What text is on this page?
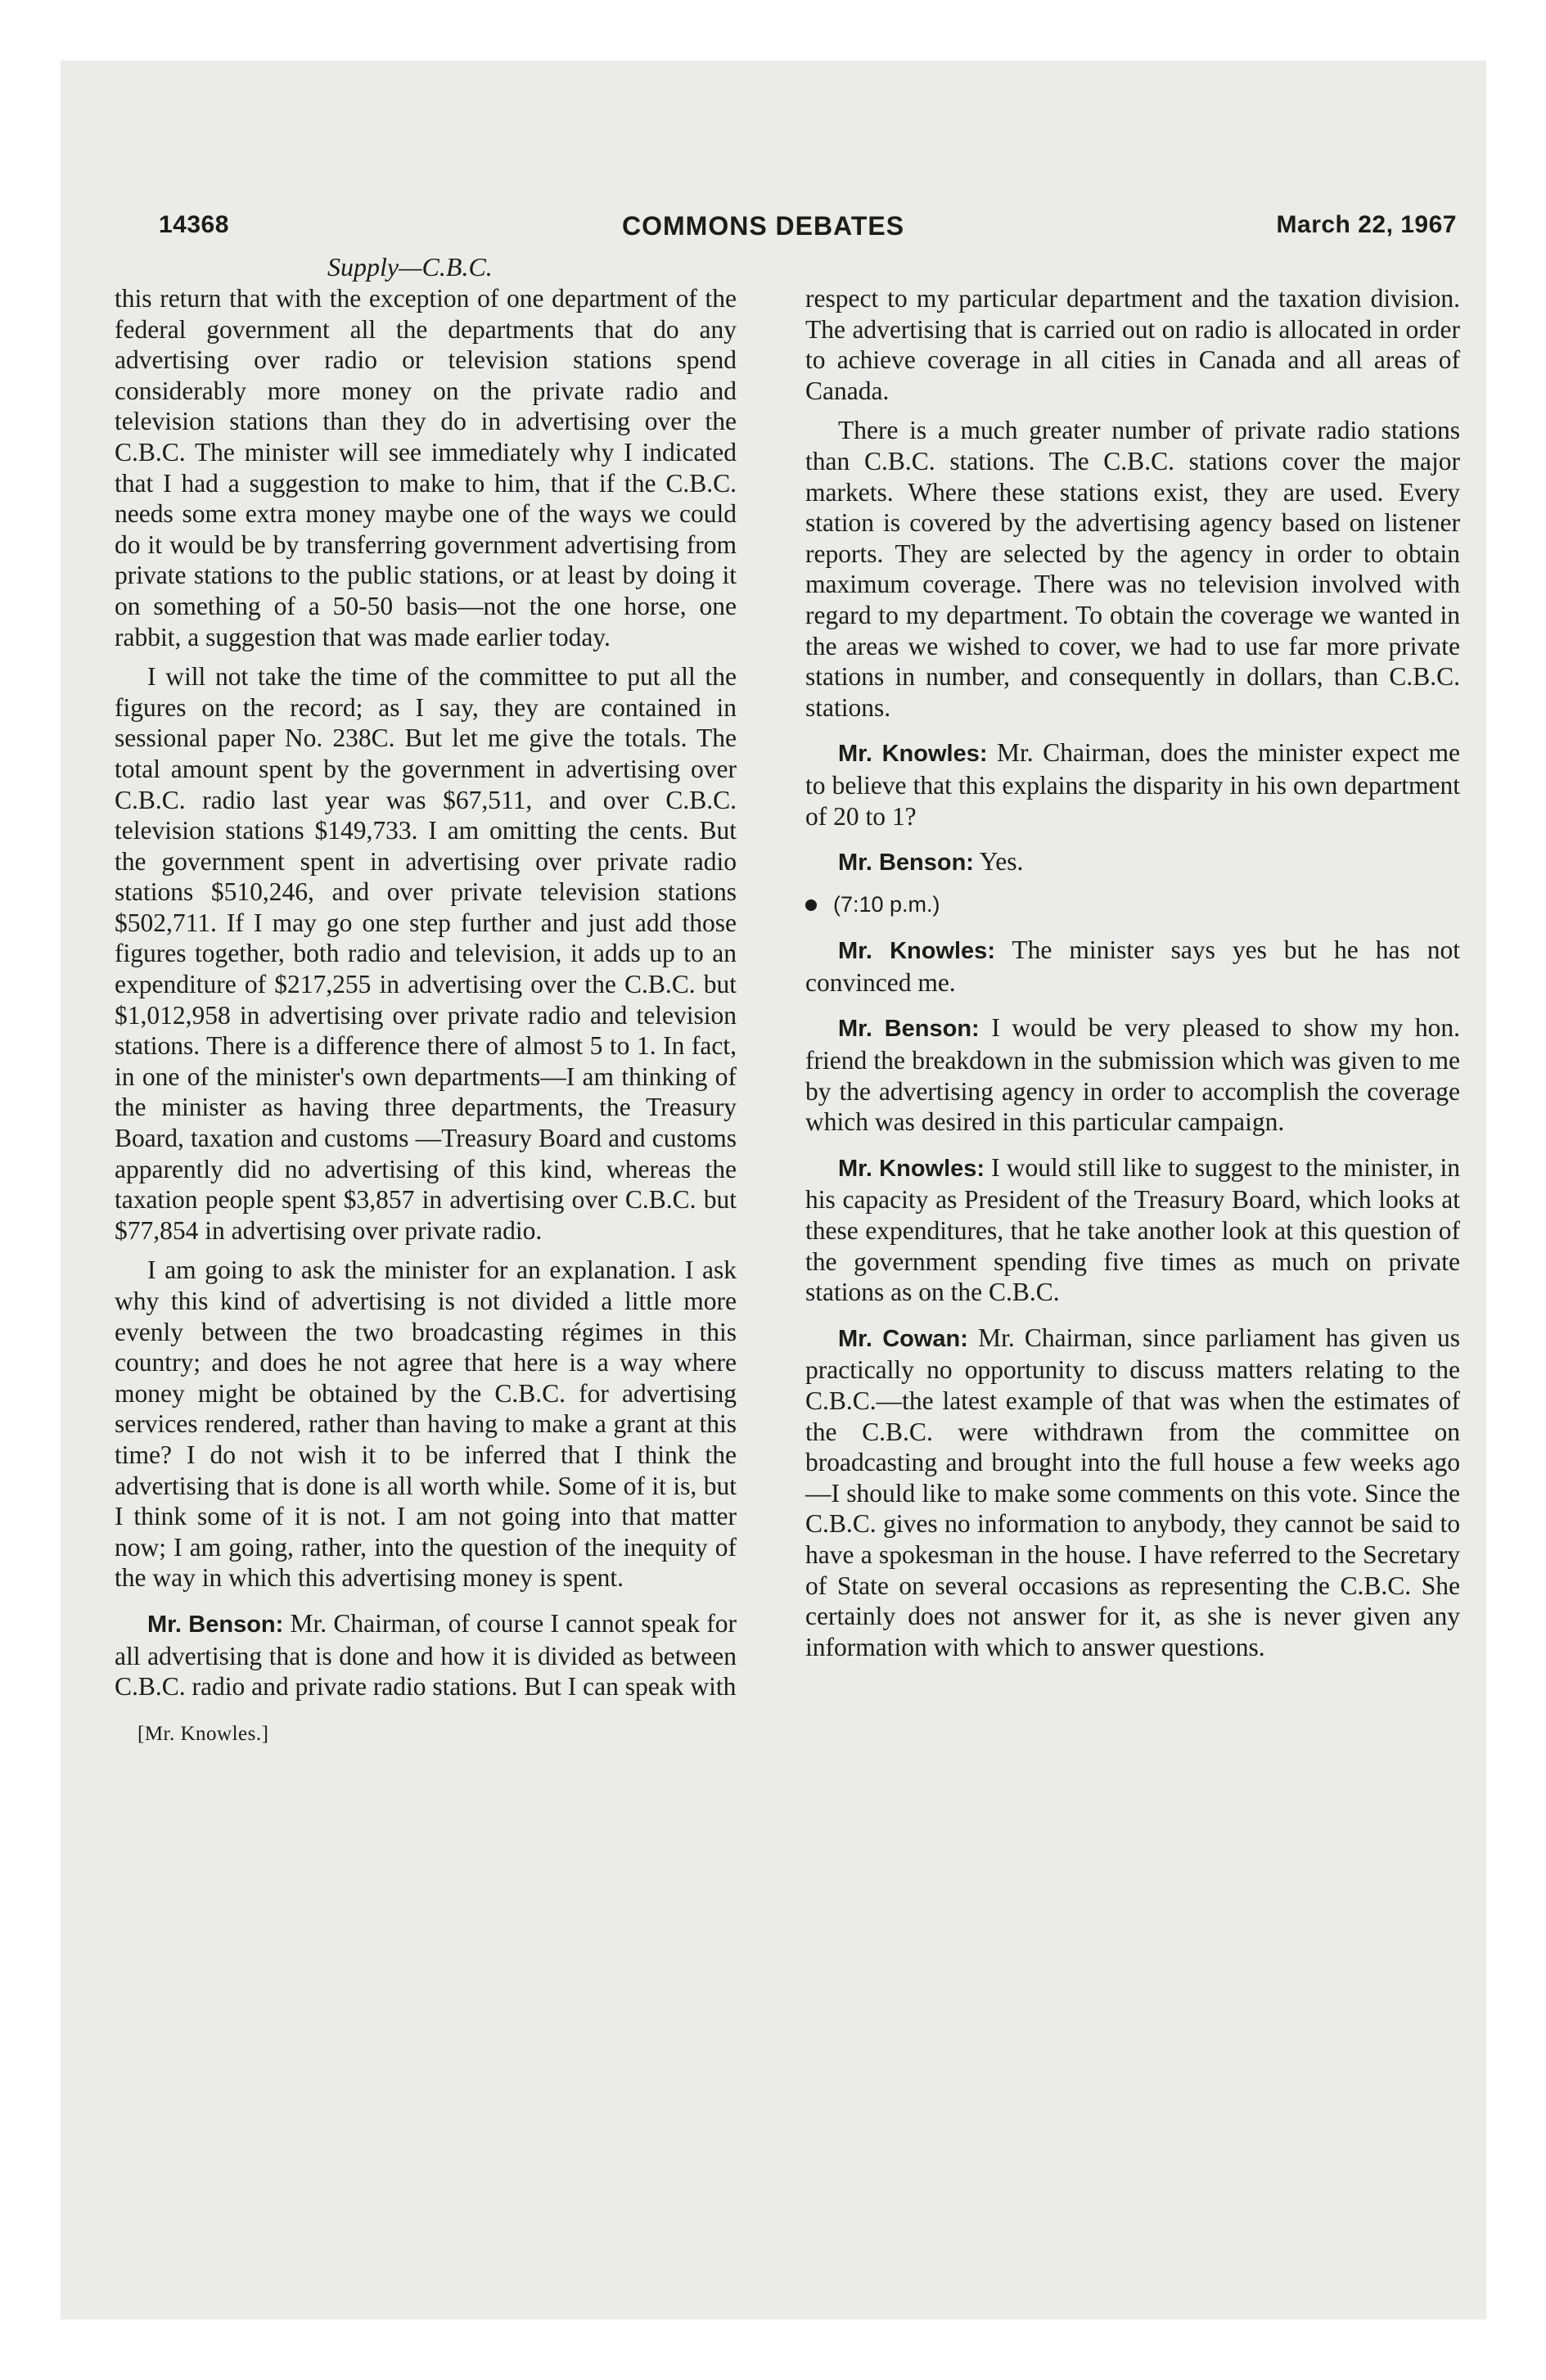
14368	COMMONS DEBATES	March 22, 1967
Supply—C.B.C.

this return that with the exception of one department of the federal government all the departments that do any advertising over radio or television stations spend considerably more money on the private radio and television stations than they do in advertising over the C.B.C. The minister will see immediately why I indicated that I had a suggestion to make to him, that if the C.B.C. needs some extra money maybe one of the ways we could do it would be by transferring government advertising from private stations to the public stations, or at least by doing it on something of a 50-50 basis—not the one horse, one rabbit, a suggestion that was made earlier today.

I will not take the time of the committee to put all the figures on the record; as I say, they are contained in sessional paper No. 238C. But let me give the totals. The total amount spent by the government in advertising over C.B.C. radio last year was $67,511, and over C.B.C. television stations $149,733. I am omitting the cents. But the government spent in advertising over private radio stations $510,246, and over private television stations $502,711. If I may go one step further and just add those figures together, both radio and television, it adds up to an expenditure of $217,255 in advertising over the C.B.C. but $1,012,958 in advertising over private radio and television stations. There is a difference there of almost 5 to 1. In fact, in one of the minister's own departments—I am thinking of the minister as having three departments, the Treasury Board, taxation and customs —Treasury Board and customs apparently did no advertising of this kind, whereas the taxation people spent $3,857 in advertising over C.B.C. but $77,854 in advertising over private radio.

I am going to ask the minister for an explanation. I ask why this kind of advertising is not divided a little more evenly between the two broadcasting régimes in this country; and does he not agree that here is a way where money might be obtained by the C.B.C. for advertising services rendered, rather than having to make a grant at this time? I do not wish it to be inferred that I think the advertising that is done is all worth while. Some of it is, but I think some of it is not. I am not going into that matter now; I am going, rather, into the question of the inequity of the way in which this advertising money is spent.

Mr. Benson: Mr. Chairman, of course I cannot speak for all advertising that is done and how it is divided as between C.B.C. radio and private radio stations. But I can speak with

respect to my particular department and the taxation division. The advertising that is carried out on radio is allocated in order to achieve coverage in all cities in Canada and all areas of Canada.

There is a much greater number of private radio stations than C.B.C. stations. The C.B.C. stations cover the major markets. Where these stations exist, they are used. Every station is covered by the advertising agency based on listener reports. They are selected by the agency in order to obtain maximum coverage. There was no television involved with regard to my department. To obtain the coverage we wanted in the areas we wished to cover, we had to use far more private stations in number, and consequently in dollars, than C.B.C. stations.

Mr. Knowles: Mr. Chairman, does the minister expect me to believe that this explains the disparity in his own department of 20 to 1?

Mr. Benson: Yes.

(7:10 p.m.)

Mr. Knowles: The minister says yes but he has not convinced me.

Mr. Benson: I would be very pleased to show my hon. friend the breakdown in the submission which was given to me by the advertising agency in order to accomplish the coverage which was desired in this particular campaign.

Mr. Knowles: I would still like to suggest to the minister, in his capacity as President of the Treasury Board, which looks at these expenditures, that he take another look at this question of the government spending five times as much on private stations as on the C.B.C.

Mr. Cowan: Mr. Chairman, since parliament has given us practically no opportunity to discuss matters relating to the C.B.C.—the latest example of that was when the estimates of the C.B.C. were withdrawn from the committee on broadcasting and brought into the full house a few weeks ago—I should like to make some comments on this vote. Since the C.B.C. gives no information to anybody, they cannot be said to have a spokesman in the house. I have referred to the Secretary of State on several occasions as representing the C.B.C. She certainly does not answer for it, as she is never given any information with which to answer questions.

[Mr. Knowles.]
